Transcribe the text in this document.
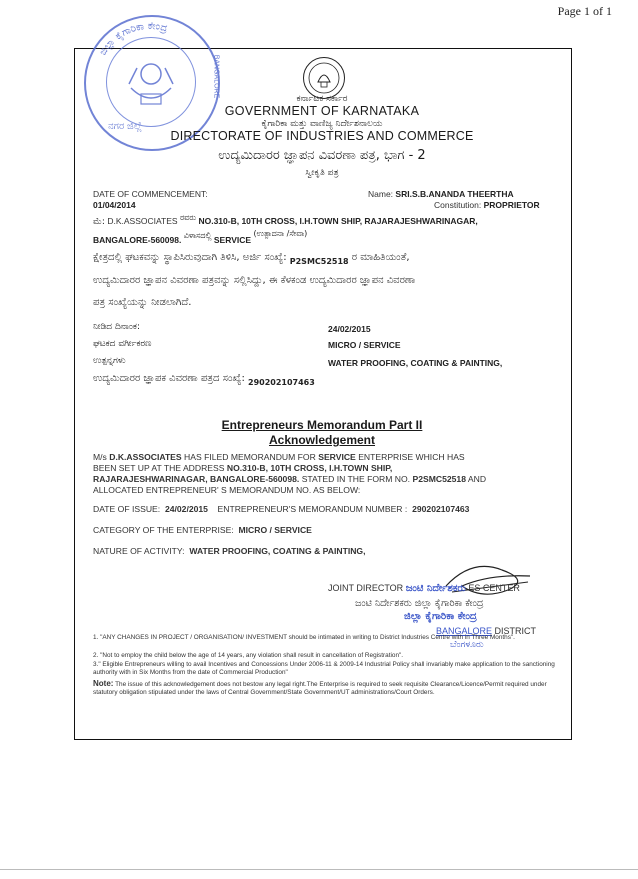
Page 1 of 1
ಜಿಲ್ಲಾ ಕೈಗಾರಿಕಾ ಕೇಂದ್ರ
ನಗರ ಜಿಲ್ಲೆ
BANGALORE
ಕರ್ನಾಟಕ ಸರ್ಕಾರ
GOVERNMENT OF KARNATAKA
ಕೈಗಾರಿಕಾ ಮತ್ತು ವಾಣಿಜ್ಯ ನಿರ್ದೇಶನಾಲಯ
DIRECTORATE OF INDUSTRIES AND COMMERCE
ಉದ್ಯಮಿದಾರರ ಜ್ಞಾಪನ ವಿವರಣಾ ಪತ್ರ, ಭಾಗ - 2
ಸ್ವೀಕೃತಿ ಪತ್ರ
DATE OF COMMENCEMENT:
01/04/2014
Name: SRI.S.B.ANANDA THEERTHA
Constitution: PROPRIETOR
ಮೆ: D.K.ASSOCIATES ರವರು NO.310-B, 10TH CROSS, I.H.TOWN SHIP, RAJARAJESHWARINAGAR,
BANGALORE-560098. ವಿಳಾಸದಲ್ಲಿ SERVICE (ಉತ್ಪಾದನಾ /ಸೇವಾ)
ಕ್ಷೇತ್ರದಲ್ಲಿ ಘಟಕವನ್ನು ಸ್ಥಾಪಿಸಿರುವುದಾಗಿ ತಿಳಿಸಿ, ಅರ್ಜಿ ಸಂಖ್ಯೆ: $_{P2SMC52518}$ ರ ಮಾಹಿತಿಯಂತೆ,
ಉದ್ಯಮಿದಾರರ ಜ್ಞಾಪನ ವಿವರಣಾ ಪತ್ರವನ್ನು ಸಲ್ಲಿಸಿದ್ದು, ಈ ಕೆಳಕಂಡ ಉದ್ಯಮಿದಾರರ ಜ್ಞಾಪನ ವಿವರಣಾ
ಪತ್ರ ಸಂಖ್ಯೆಯನ್ನು ನೀಡಲಾಗಿದೆ.
ನೀಡಿದ ದಿನಾಂಕ:	24/02/2015
ಘಟಕದ ವರ್ಗೀಕರಣ	MICRO / SERVICE
ಉತ್ಪನ್ನಗಳು	WATER PROOFING, COATING & PAINTING,
ಉದ್ಯಮಿದಾರರ ಜ್ಞಾಪಕ ವಿವರಣಾ ಪತ್ರದ ಸಂಖ್ಯೆ: $_{290202107463}$
Entrepreneurs Memorandum Part II
Acknowledgement
M/s D.K.ASSOCIATES HAS FILED MEMORANDUM FOR SERVICE ENTERPRISE WHICH HAS
BEEN SET UP AT THE ADDRESS NO.310-B, 10TH CROSS, I.H.TOWN SHIP,
RAJARAJESHWARINAGAR, BANGALORE-560098. STATED IN THE FORM NO. P2SMC52518 AND
ALLOCATED ENTREPRENEUR' S MEMORANDUM NO. AS BELOW:
DATE OF ISSUE: 24/02/2015 ENTREPRENEUR'S MEMORANDUM NUMBER : 290202107463
CATEGORY OF THE ENTERPRISE: MICRO / SERVICE
NATURE OF ACTIVITY: WATER PROOFING, COATING & PAINTING,
JOINT DIRECTOR ಜಂಟಿ ನಿರ್ದೇಶಕರು ES CENTER
ಜಂಟಿ ನಿರ್ದೇಶಕರು ಜಿಲ್ಲಾ ಕೈಗಾರಿಕಾ ಕೇಂದ್ರ
ಜಿಲ್ಲಾ ಕೈಗಾರಿಕಾ ಕೇಂದ್ರ
BANGALORE DISTRICT
ಬೆಂಗಳೂರು
1. "ANY CHANGES IN PROJECT / ORGANISATION/ INVESTMENT should be intimated in writing to District Industries Centre with in Three Months".
2. "Not to employ the child below the age of 14 years, any violation shall result in cancellation of Registration".
3." Eligible Entrepreneurs willing to avail Incentives and Concessions Under 2006-11 & 2009-14 Industrial Policy shall invariably make application to the sanctioning authority with in Six Months from the date of Commercial Production"
Note: The issue of this acknowledgement does not bestow any legal right.The Enterprise is required to seek requisite Clearance/Licence/Permit required under statutory obligation stipulated under the laws of Central Government/State Government/UT administrations/Court Orders.
